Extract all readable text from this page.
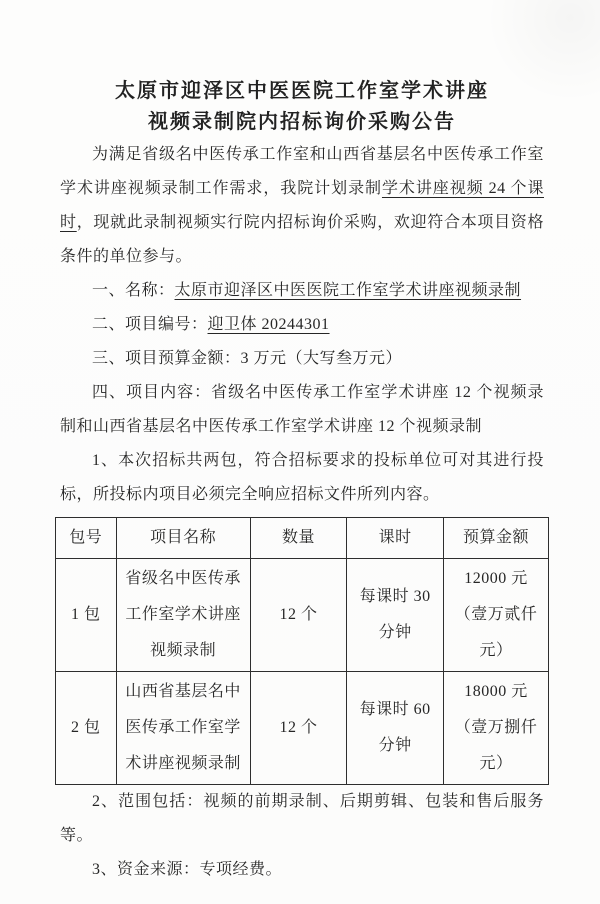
太原市迎泽区中医医院工作室学术讲座
视频录制院内招标询价采购公告

为满足省级名中医传承工作室和山西省基层名中医传承工作室学术讲座视频录制工作需求，我院计划录制学术讲座视频 24 个课时，现就此录制视频实行院内招标询价采购，欢迎符合本项目资格条件的单位参与。

一、名称：太原市迎泽区中医医院工作室学术讲座视频录制

二、项目编号：迎卫体 20244301

三、项目预算金额：3 万元（大写叁万元）

四、项目内容：省级名中医传承工作室学术讲座 12 个视频录制和山西省基层名中医传承工作室学术讲座 12 个视频录制

1、本次招标共两包，符合招标要求的投标单位可对其进行投标，所投标内项目必须完全响应招标文件所列内容。

包号	项目名称	数量	课时	预算金额
1 包	省级名中医传承工作室学术讲座视频录制	12 个	每课时 30 分钟	12000 元（壹万贰仟元）
2 包	山西省基层名中医传承工作室学术讲座视频录制	12 个	每课时 60 分钟	18000 元（壹万捌仟元）

2、范围包括：视频的前期录制、后期剪辑、包装和售后服务等。

3、资金来源：专项经费。
